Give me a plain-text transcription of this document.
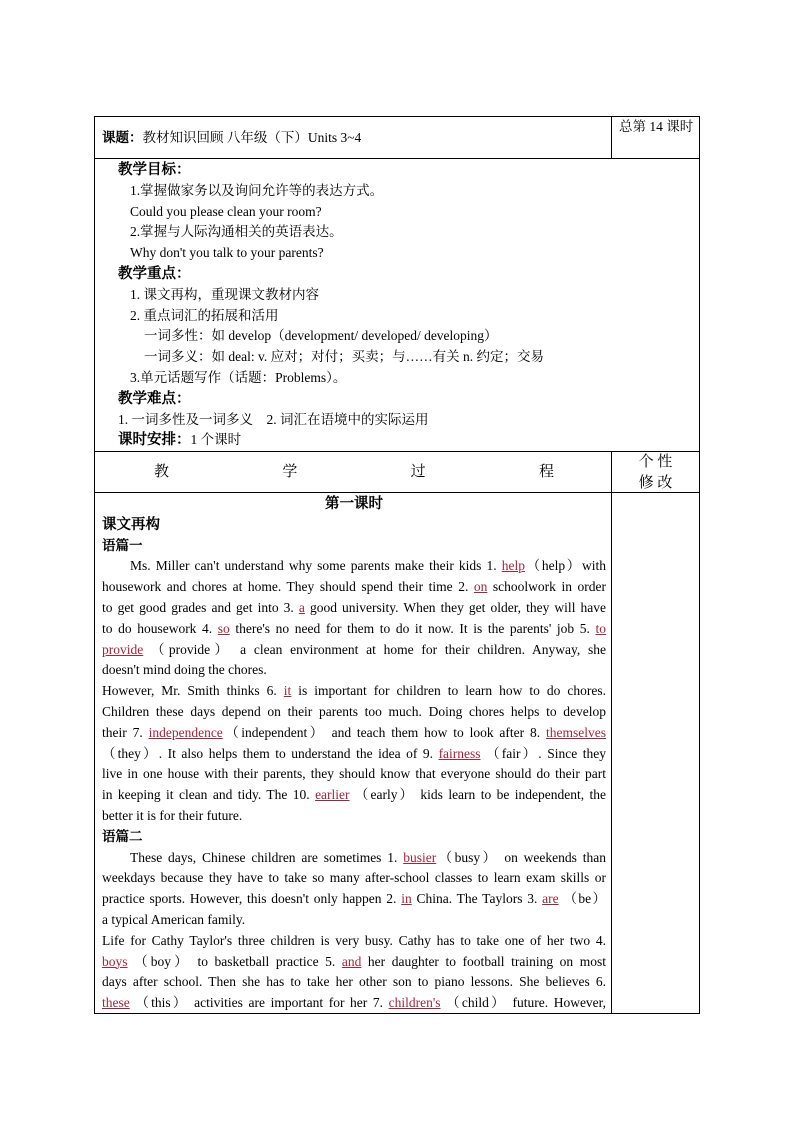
课题：教材知识回顾 八年级（下）Units 3~4
总第 14 课时
教学目标：
1.掌握做家务以及询问允许等的表达方式。
Could you please clean your room?
2.掌握与人际沟通相关的英语表达。
Why don't you talk to your parents?
教学重点：
1. 课文再构，重现课文教材内容
2. 重点词汇的拓展和活用
一词多性：如 develop（development/ developed/ developing）
一词多义：如 deal: v. 应对；对付；买卖；与……有关 n. 约定；交易
3.单元话题写作（话题：Problems）。
教学难点：
1. 一词多性及一词多义    2. 词汇在语境中的实际运用
课时安排：1 个课时
教	学	过	程
个 性
修 改
第一课时
课文再构
语篇一

Ms. Miller can't understand why some parents make their kids 1. help（help）with

housework and chores at home. They should spend their time 2. on schoolwork in order

to get good grades and get into 3. a good university. When they get older, they will have

to do housework 4. so there's no need for them to do it now. It is the parents' job 5. to

provide （provide） a clean environment at home for their children. Anyway, she

doesn't mind doing the chores.

However, Mr. Smith thinks 6. it is important for children to learn how to do chores.

Children these days depend on their parents too much. Doing chores helps to develop

their 7. independence（independent） and teach them how to look after 8. themselves

（they）. It also helps them to understand the idea of 9. fairness （fair）. Since they

live in one house with their parents, they should know that everyone should do their part

in keeping it clean and tidy. The 10. earlier （early） kids learn to be independent, the

better it is for their future.

语篇二

These days, Chinese children are sometimes 1. busier（busy） on weekends than

weekdays because they have to take so many after-school classes to learn exam skills or

practice sports. However, this doesn't only happen 2. in China. The Taylors 3. are （be）

a typical American family.

Life for Cathy Taylor's three children is very busy. Cathy has to take one of her two 4.

boys （boy） to basketball practice 5. and her daughter to football training on most

days after school. Then she has to take her other son to piano lessons. She believes 6.

these （this） activities are important for her 7. children's （child） future. However,
